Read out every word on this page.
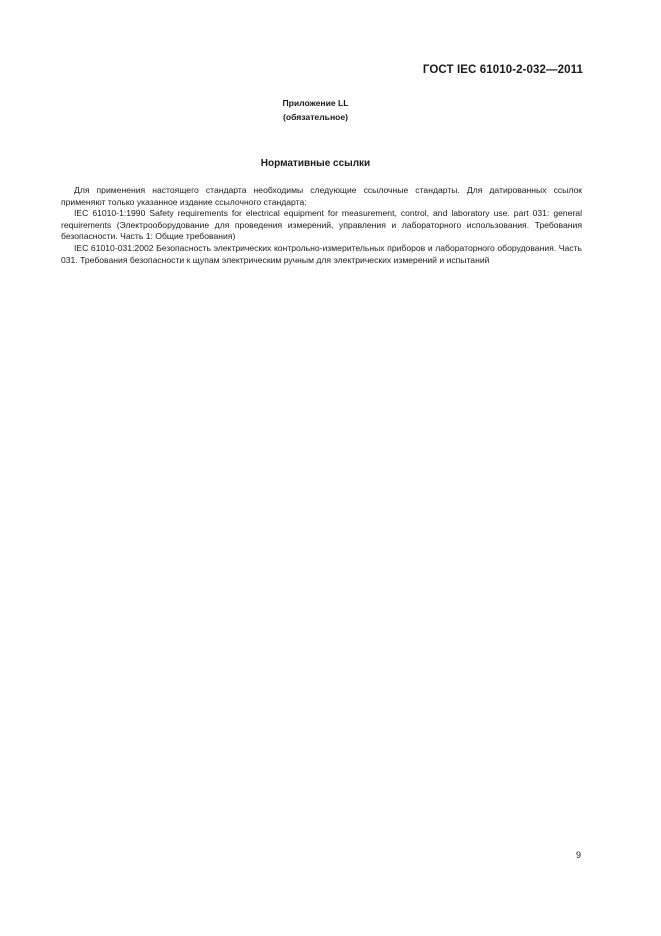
ГОСТ IEC 61010-2-032—2011
Приложение LL
(обязательное)
Нормативные ссылки

Для применения настоящего стандарта необходимы следующие ссылочные стандарты. Для датированных ссылок применяют только указанное издание ссылочного стандарта:

IEC 61010-1:1990 Safety requirements for electrical equipment for measurement, control, and laboratory use. part 031: general requirements (Электрооборудование для проведения измерений, управления и лабораторного использования. Требования безопасности. Часть 1: Общие требования)

IEC 61010-031:2002 Безопасность электрических контрольно-измерительных приборов и лабораторного оборудования. Часть 031. Требования безопасности к щупам электрическим ручным для электрических измерений и испытаний

9
